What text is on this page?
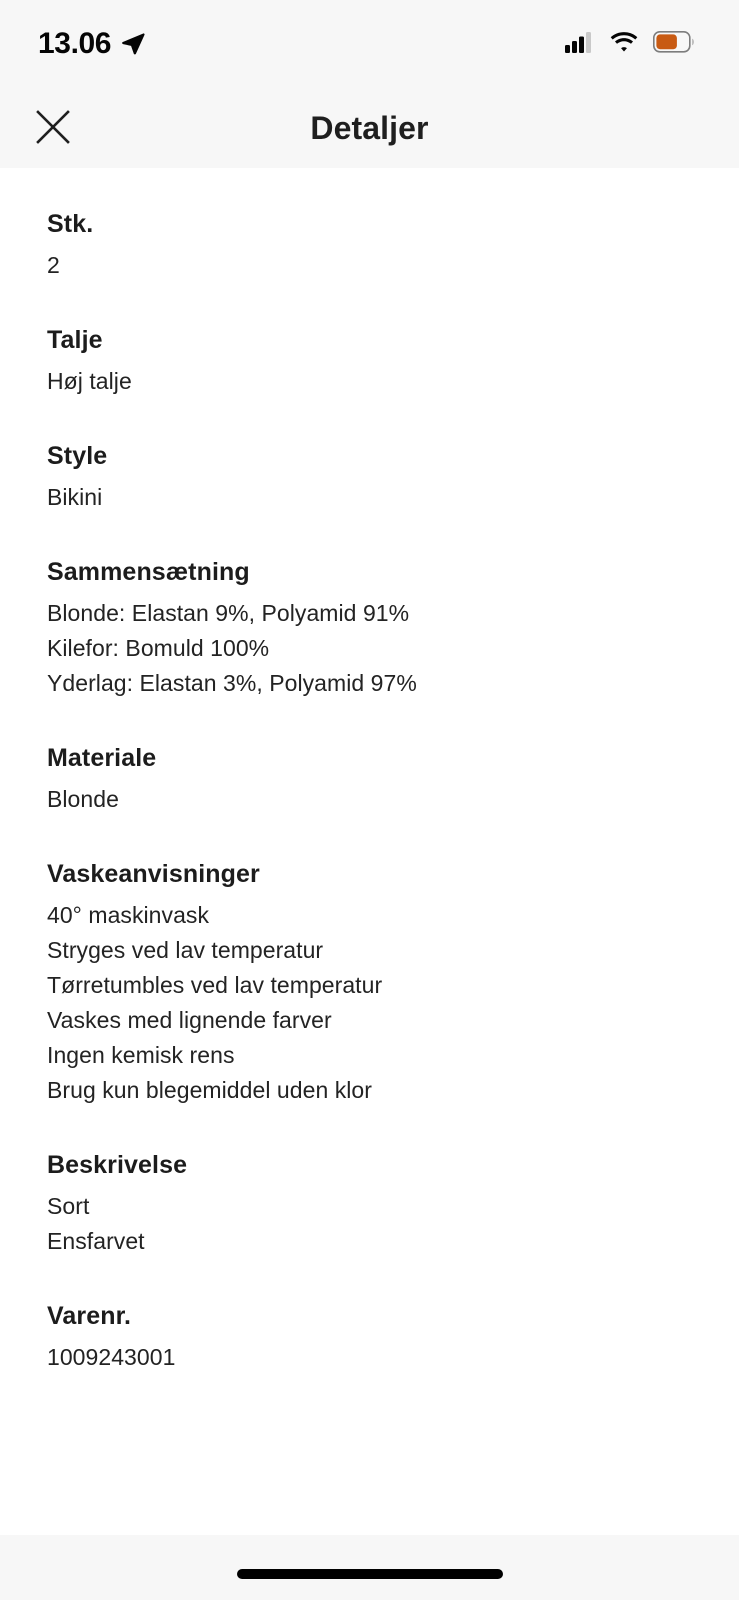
13.06
Detaljer
Stk.
2
Talje
Høj talje
Style
Bikini
Sammensætning
Blonde: Elastan 9%, Polyamid 91%
Kilefor: Bomuld 100%
Yderlag: Elastan 3%, Polyamid 97%
Materiale
Blonde
Vaskeanvisninger
40° maskinvask
Stryges ved lav temperatur
Tørretumbles ved lav temperatur
Vaskes med lignende farver
Ingen kemisk rens
Brug kun blegemiddel uden klor
Beskrivelse
Sort
Ensfarvet
Varenr.
1009243001
